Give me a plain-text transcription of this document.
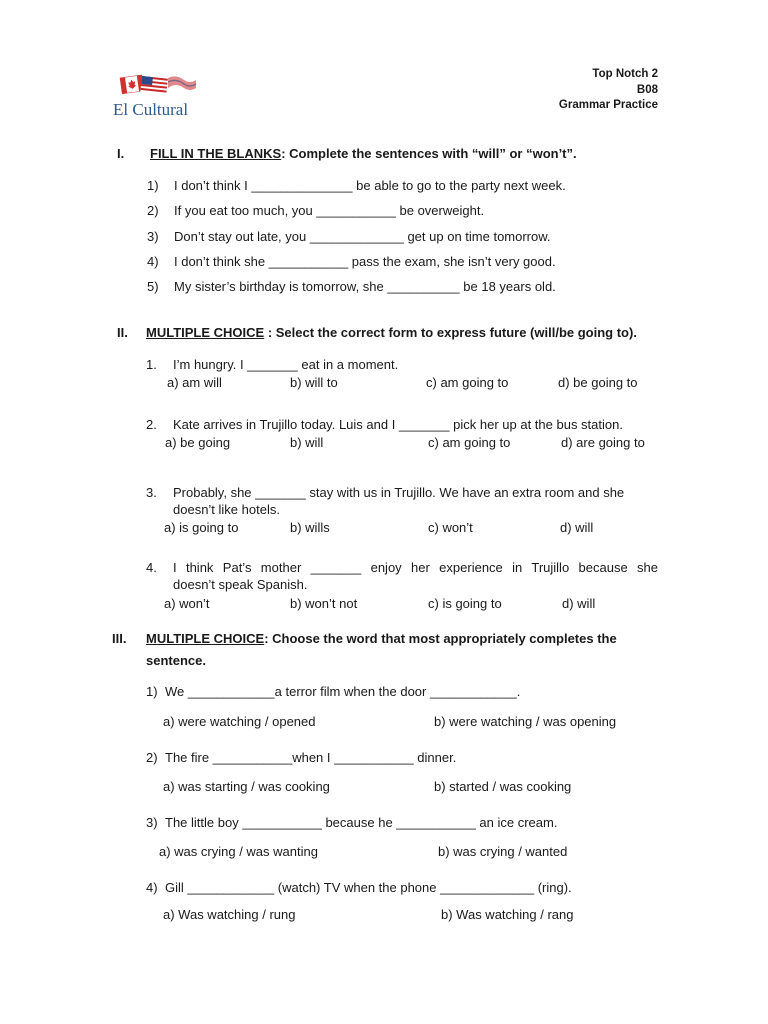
El Cultural
Top Notch 2
B08
Grammar Practice
I. FILL IN THE BLANKS: Complete the sentences with “will” or “won’t”.
1) I don’t think I ______________ be able to go to the party next week.
2) If you eat too much, you ___________ be overweight.
3) Don’t stay out late, you _____________ get up on time tomorrow.
4) I don’t think she ___________ pass the exam, she isn’t very good.
5) My sister’s birthday is tomorrow, she __________ be 18 years old.
II. MULTIPLE CHOICE : Select the correct form to express future (will/be going to).
1. I’m hungry. I _______ eat in a moment.
a) am will	b) will to	c) am going to	d) be going to
2. Kate arrives in Trujillo today. Luis and I _______ pick her up at the bus station.
a) be going	b) will	c) am going to	d) are going to
3. Probably, she _______ stay with us in Trujillo. We have an extra room and she
doesn’t like hotels.
a) is going to	b) wills	c) won’t	d) will
4. I think Pat’s mother _______ enjoy her experience in Trujillo because she
doesn’t speak Spanish.
a) won’t	b) won’t not	c) is going to	d) will
III. MULTIPLE CHOICE: Choose the word that most appropriately completes the
sentence.
1) We ____________a terror film when the door ____________.
a) were watching / opened	b) were watching / was opening
2) The fire ___________when I ___________ dinner.
a) was starting / was cooking	b) started / was cooking
3) The little boy ___________ because he ___________ an ice cream.
a) was crying / was wanting	b) was crying / wanted
4) Gill ____________ (watch) TV when the phone _____________ (ring).
a) Was watching / rung	b) Was watching / rang
